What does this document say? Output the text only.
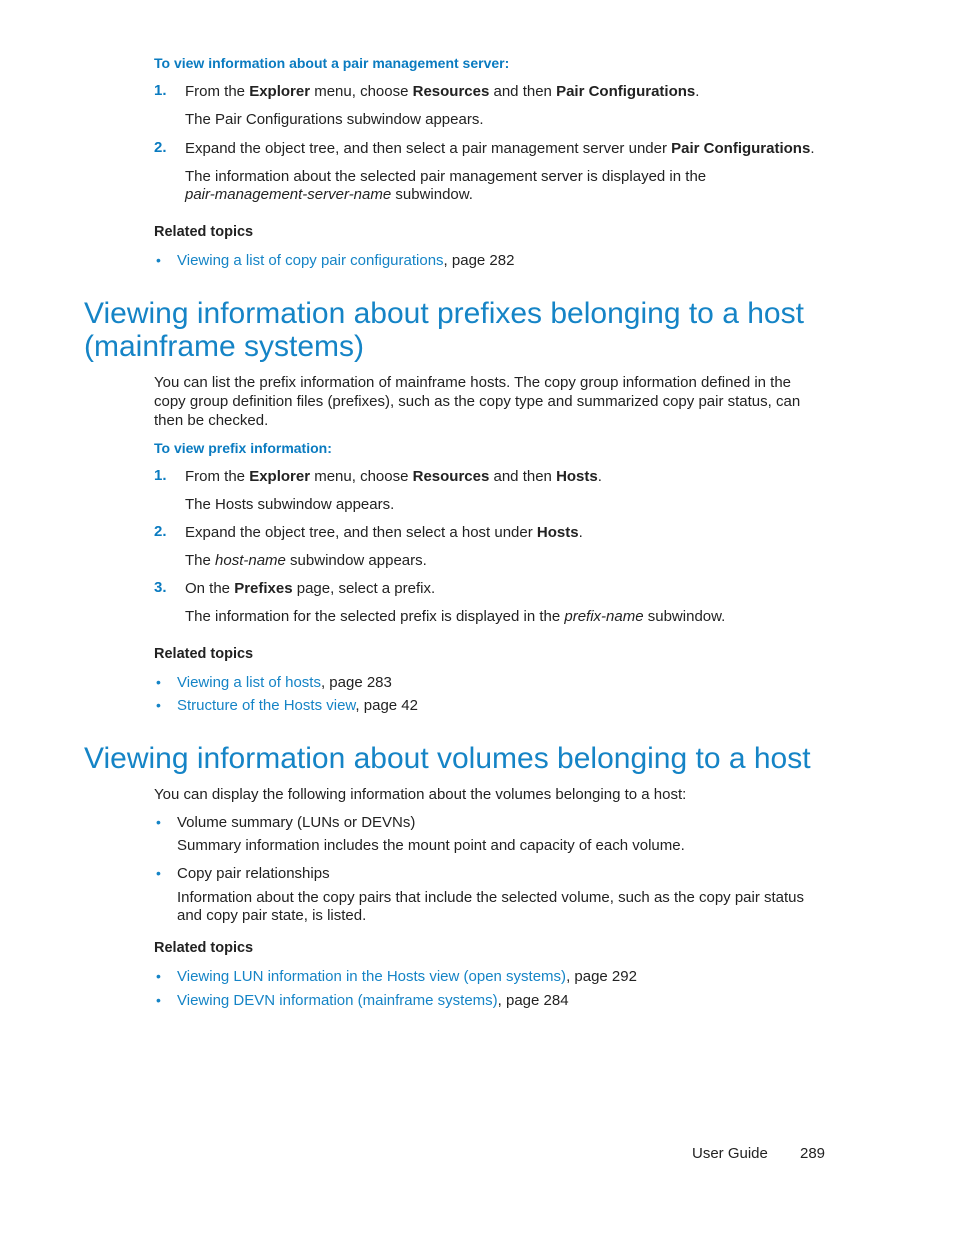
To view information about a pair management server:
1. From the Explorer menu, choose Resources and then Pair Configurations.
The Pair Configurations subwindow appears.
2. Expand the object tree, and then select a pair management server under Pair Configurations.
The information about the selected pair management server is displayed in the
pair-management-server-name subwindow.
Related topics
• Viewing a list of copy pair configurations, page 282
Viewing information about prefixes belonging to a host
(mainframe systems)
You can list the prefix information of mainframe hosts. The copy group information defined in the
copy group definition files (prefixes), such as the copy type and summarized copy pair status, can
then be checked.
To view prefix information:
1. From the Explorer menu, choose Resources and then Hosts.
The Hosts subwindow appears.
2. Expand the object tree, and then select a host under Hosts.
The host-name subwindow appears.
3. On the Prefixes page, select a prefix.
The information for the selected prefix is displayed in the prefix-name subwindow.
Related topics
• Viewing a list of hosts, page 283
• Structure of the Hosts view, page 42
Viewing information about volumes belonging to a host
You can display the following information about the volumes belonging to a host:
• Volume summary (LUNs or DEVNs)
Summary information includes the mount point and capacity of each volume.
• Copy pair relationships
Information about the copy pairs that include the selected volume, such as the copy pair status
and copy pair state, is listed.
Related topics
• Viewing LUN information in the Hosts view (open systems), page 292
• Viewing DEVN information (mainframe systems), page 284
User Guide 289
